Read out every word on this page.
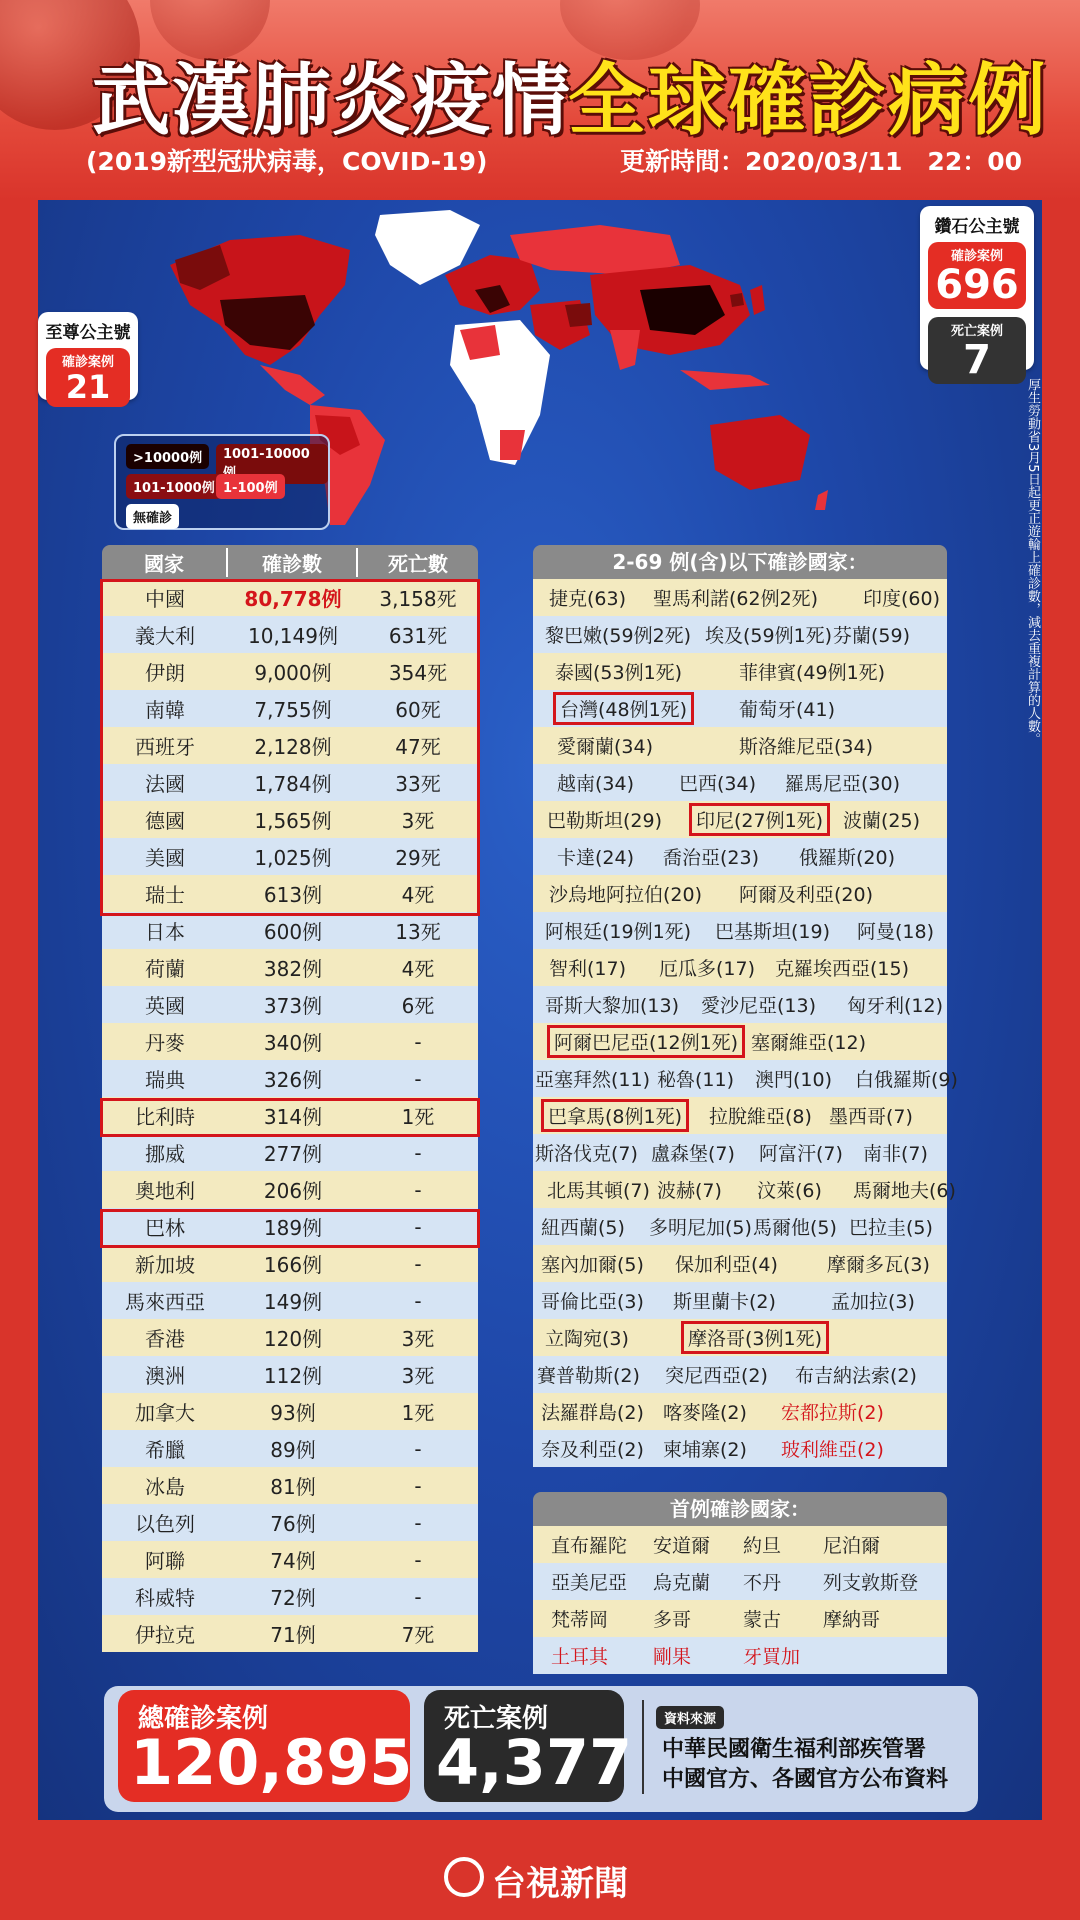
武漢肺炎疫情
全球確診病例
(2019新型冠狀病毒，COVID-19)	更新時間：2020/03/11　22：00
鑽石公主號
確診案例
696
死亡案例
7
至尊公主號
確診案例
21	厚生勞動省3月5日起更正遊輪上確診數，減去重複計算的人數。
>10000例	1001-10000
101-1000例 1-100例
無確診
國家	確診數	死亡數
中國	80,778例	3,158死
義大利	10,149例	631死
伊朗	9,000例	354死
南韓	7,755例	60死
西班牙	2,128例	47死
法國	1,784例	33死
德國	1,565例	3死
美國	1,025例	29死
瑞士	613例	4死
日本	600例	13死
荷蘭	382例	4死
英國	373例	6死
丹麥	340例	-
瑞典	326例	-
比利時	314例	1死
挪威	277例	-
奧地利	206例	-
巴林	189例	-
新加坡	166例	-
馬來西亞	149例	-
香港	120例	3死
澳洲	112例	3死
加拿大	93例	1死
希臘	89例	-
冰島	81例	-
以色列	76例	-
阿聯	74例	-
科威特	72例	-
伊拉克	71例	7死
2-69 例(含)以下確診國家：
捷克(63) 聖馬利諾(62例2死) 印度(60)
黎巴嫩(59例2死) 埃及(59例1死) 芬蘭(59)
泰國(53例1死)	菲律賓(49例1死)
台灣(48例1死)	葡萄牙(41)
愛爾蘭(34)	斯洛維尼亞(34)
越南(34) 巴西(34) 羅馬尼亞(30)
巴勒斯坦(29)	印尼(27例1死)	波蘭(25)
卡達(24) 喬治亞(23) 俄羅斯(20)
沙烏地阿拉伯(20) 阿爾及利亞(20)
阿根廷(19例1死) 巴基斯坦(19) 阿曼(18)
智利(17) 厄瓜多(17) 克羅埃西亞(15)
哥斯大黎加(13) 愛沙尼亞(13) 匈牙利(12)
阿爾巴尼亞(12例1死) 塞爾維亞(12)
亞塞拜然(11) 秘魯(11) 澳門(10) 白俄羅斯(9)
巴拿馬(8例1死)	拉脫維亞(8) 墨西哥(7)
斯洛伐克(7) 盧森堡(7) 阿富汗(7) 南非(7)
北馬其頓(7) 波赫(7) 汶萊(6) 馬爾地夫(6)
紐西蘭(5) 多明尼加(5) 馬爾他(5) 巴拉圭(5)
塞內加爾(5) 保加利亞(4)	摩爾多瓦(3)
哥倫比亞(3) 斯里蘭卡(2)	孟加拉(3)
立陶宛(3)	摩洛哥(3例1死)
賽普勒斯(2) 突尼西亞(2) 布吉納法索(2)
法羅群島(2) 喀麥隆(2) 宏都拉斯(2)
奈及利亞(2) 柬埔寨(2) 玻利維亞(2)
首例確診國家：
直布羅陀 安道爾 約旦 尼泊爾
亞美尼亞 烏克蘭 不丹 列支敦斯登
梵蒂岡 多哥	蒙古 摩納哥
土耳其 剛果	牙買加
總確診案例
120,895
死亡案例
4,377
資料來源
中華民國衛生福利部疾管署
中國官方、各國官方公布資料
台視新聞
